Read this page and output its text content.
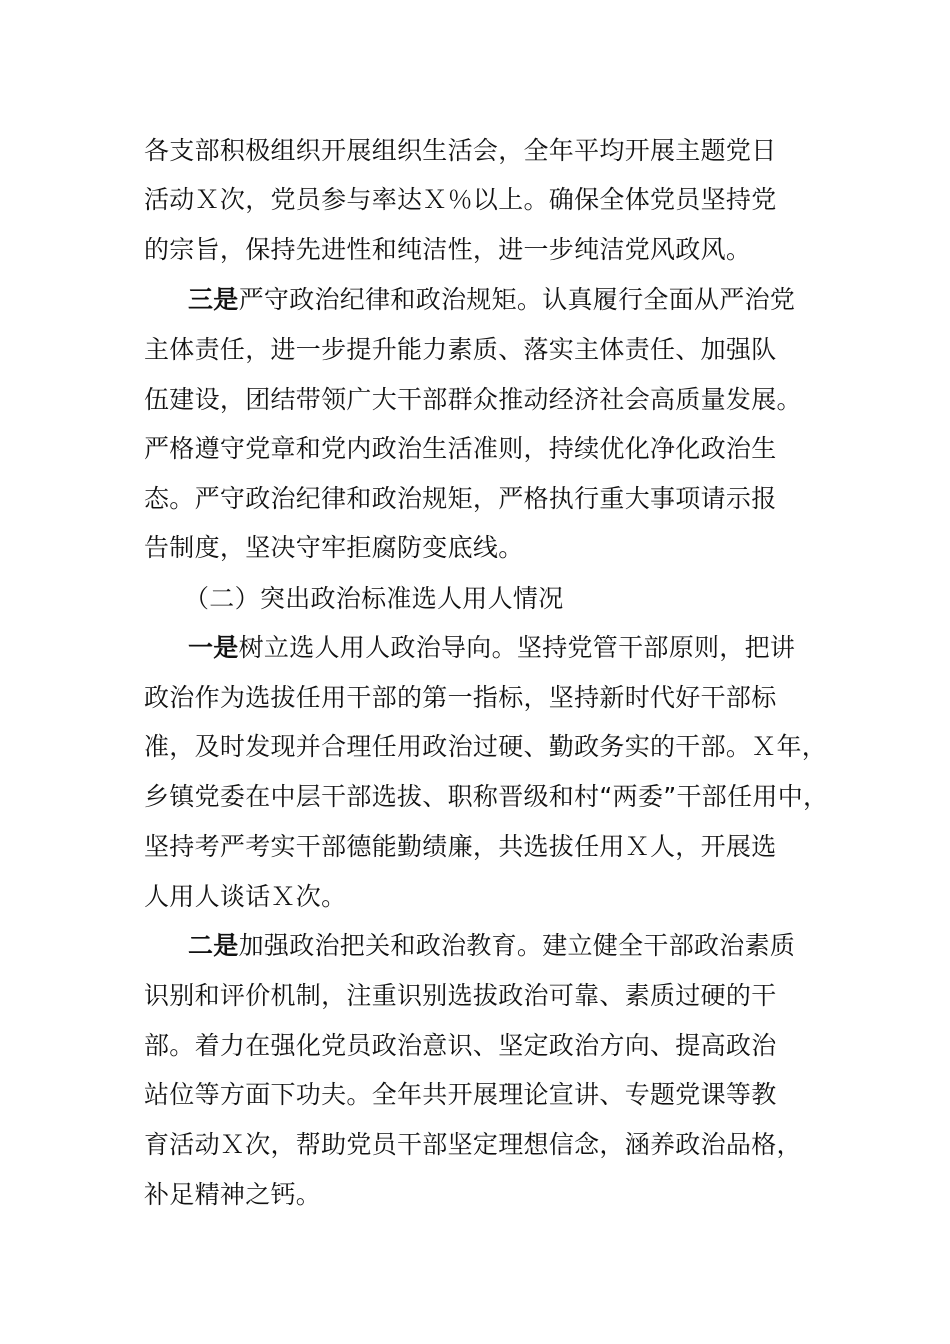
各支部积极组织开展组织生活会，全年平均开展主题党日
活动Ｘ次，党员参与率达Ｘ％以上。确保全体党员坚持党
的宗旨，保持先进性和纯洁性，进一步纯洁党风政风。
三是严守政治纪律和政治规矩。认真履行全面从严治党
主体责任，进一步提升能力素质、落实主体责任、加强队
伍建设，团结带领广大干部群众推动经济社会高质量发展。
严格遵守党章和党内政治生活准则，持续优化净化政治生
态。严守政治纪律和政治规矩，严格执行重大事项请示报
告制度，坚决守牢拒腐防变底线。
（二）突出政治标准选人用人情况
一是树立选人用人政治导向。坚持党管干部原则，把讲
政治作为选拔任用干部的第一指标，坚持新时代好干部标
准，及时发现并合理任用政治过硬、勤政务实的干部。Ｘ年，
乡镇党委在中层干部选拔、职称晋级和村“两委”干部任用中，
坚持考严考实干部德能勤绩廉，共选拔任用Ｘ人，开展选
人用人谈话Ｘ次。
二是加强政治把关和政治教育。建立健全干部政治素质
识别和评价机制，注重识别选拔政治可靠、素质过硬的干
部。着力在强化党员政治意识、坚定政治方向、提高政治
站位等方面下功夫。全年共开展理论宣讲、专题党课等教
育活动Ｘ次，帮助党员干部坚定理想信念，涵养政治品格，
补足精神之钙。
